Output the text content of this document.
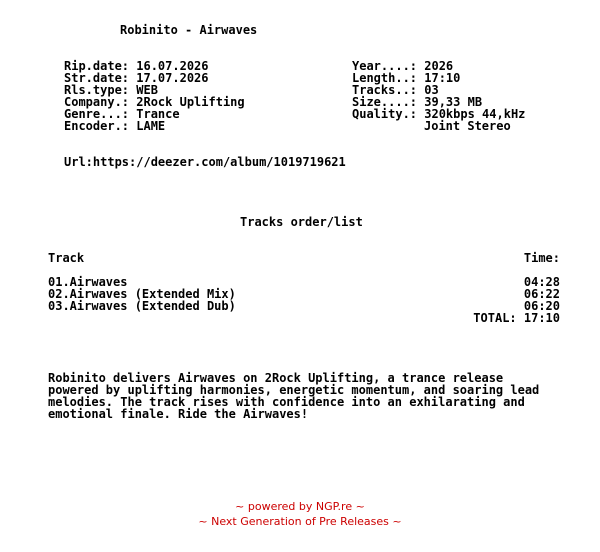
Robinito - Airwaves
Rip.date: 16.07.2026
Str.date: 17.07.2026
Rls.type: WEB
Company.: 2Rock Uplifting
Genre...: Trance
Encoder.: LAME
Year....: 2026
Length..: 17:10
Tracks..: 03
Size....: 39,33 MB
Quality.: 320kbps 44,kHz
Joint Stereo
Url:https://deezer.com/album/1019719621
Tracks order/list
Track	Time:
01.Airwaves	04:28
02.Airwaves (Extended Mix)	06:22
03.Airwaves (Extended Dub)	06:20
TOTAL: 17:10
Robinito delivers Airwaves on 2Rock Uplifting, a trance release
powered by uplifting harmonies, energetic momentum, and soaring lead
melodies. The track rises with confidence into an exhilarating and
emotional finale. Ride the Airwaves!
~ powered by NGP.re ~
~ Next Generation of Pre Releases ~
